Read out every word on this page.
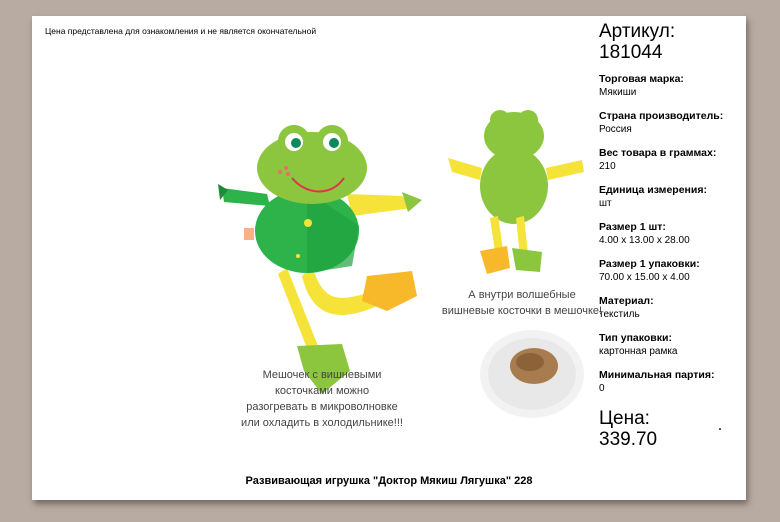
Цена представлена для ознакомления и не является окончательной
А внутри волшебные
вишневые косточки в мешочке!
Мешочек с вишневыми
косточками можно
разогревать в микроволновке
или охладить в холодильнике!!!
Артикул:
181044
Торговая марка:
Мякиши
Страна производитель:
Россия
Вес товара в граммах:
210
Единица измерения:
шт
Размер 1 шт:
4.00 x 13.00 x 28.00
Размер 1 упаковки:
70.00 x 15.00 x 4.00
Материал:
текстиль
Тип упаковки:
картонная рамка
Минимальная партия:
0
Цена:
339.70
Развивающая игрушка "Доктор Мякиш Лягушка" 228
